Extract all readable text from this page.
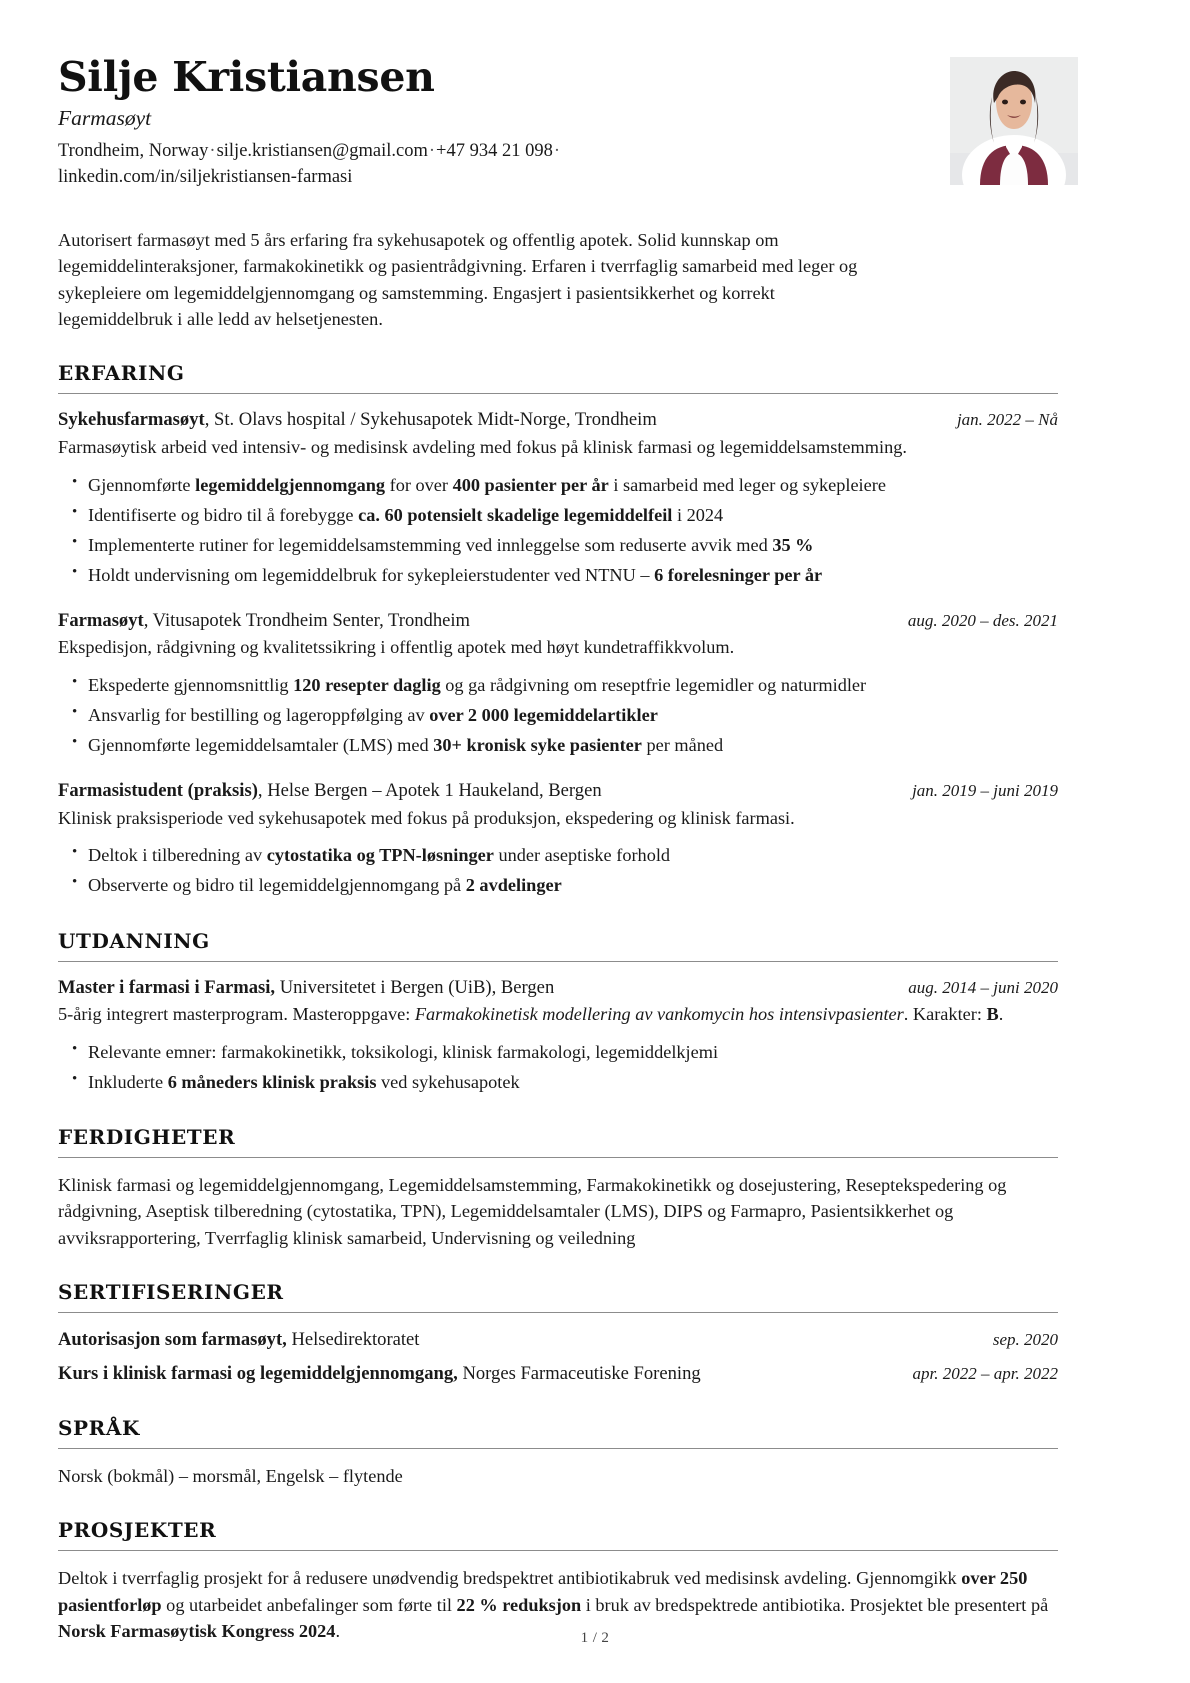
Silje Kristiansen
Farmasøyt
Trondheim, Norway·silje.kristiansen@gmail.com·+47 934 21 098· linkedin.com/in/siljekristiansen-farmasi

Autorisert farmasøyt med 5 års erfaring fra sykehusapotek og offentlig apotek. Solid kunnskap om legemiddelinteraksjoner, farmakokinetikk og pasientrådgivning. Erfaren i tverrfaglig samarbeid med leger og sykepleiere om legemiddelgjennomgang og samstemming. Engasjert i pasientsikkerhet og korrekt legemiddelbruk i alle ledd av helsetjenesten.

ERFARING
Sykehusfarmasøyt, St. Olavs hospital / Sykehusapotek Midt-Norge, Trondheim	jan. 2022 – Nå
Farmasøytisk arbeid ved intensiv- og medisinsk avdeling med fokus på klinisk farmasi og legemiddelsamstemming.
• Gjennomførte legemiddelgjennomgang for over 400 pasienter per år i samarbeid med leger og sykepleiere
• Identifiserte og bidro til å forebygge ca. 60 potensielt skadelige legemiddelfeil i 2024
• Implementerte rutiner for legemiddelsamstemming ved innleggelse som reduserte avvik med 35 %
• Holdt undervisning om legemiddelbruk for sykepleierstudenter ved NTNU – 6 forelesninger per år
Farmasøyt, Vitusapotek Trondheim Senter, Trondheim	aug. 2020 – des. 2021
Ekspedisjon, rådgivning og kvalitetssikring i offentlig apotek med høyt kundetraffikkvolum.
• Ekspederte gjennomsnittlig 120 resepter daglig og ga rådgivning om reseptfrie legemidler og naturmidler
• Ansvarlig for bestilling og lageroppfølging av over 2 000 legemiddelartikler
• Gjennomførte legemiddelsamtaler (LMS) med 30+ kronisk syke pasienter per måned
Farmasistudent (praksis), Helse Bergen – Apotek 1 Haukeland, Bergen	jan. 2019 – juni 2019
Klinisk praksisperiode ved sykehusapotek med fokus på produksjon, ekspedering og klinisk farmasi.
• Deltok i tilberedning av cytostatika og TPN-løsninger under aseptiske forhold
• Observerte og bidro til legemiddelgjennomgang på 2 avdelinger
UTDANNING
Master i farmasi i Farmasi, Universitetet i Bergen (UiB), Bergen	aug. 2014 – juni 2020
5-årig integrert masterprogram. Masteroppgave: Farmakokinetisk modellering av vankomycin hos intensivpasienter. Karakter: B.
• Relevante emner: farmakokinetikk, toksikologi, klinisk farmakologi, legemiddelkjemi
• Inkluderte 6 måneders klinisk praksis ved sykehusapotek
FERDIGHETER
Klinisk farmasi og legemiddelgjennomgang, Legemiddelsamstemming, Farmakokinetikk og dosejustering, Reseptekspedering og rådgivning, Aseptisk tilberedning (cytostatika, TPN), Legemiddelsamtaler (LMS), DIPS og Farmapro, Pasientsikkerhet og avviksrapportering, Tverrfaglig klinisk samarbeid, Undervisning og veiledning
SERTIFISERINGER
Autorisasjon som farmasøyt, Helsedirektoratet	sep. 2020
Kurs i klinisk farmasi og legemiddelgjennomgang, Norges Farmaceutiske Forening	apr. 2022 – apr. 2022
SPRÅK
Norsk (bokmål) – morsmål, Engelsk – flytende
PROSJEKTER
Deltok i tverrfaglig prosjekt for å redusere unødvendig bredspektret antibiotikabruk ved medisinsk avdeling. Gjennomgikk over 250 pasientforløp og utarbeidet anbefalinger som førte til 22 % reduksjon i bruk av bredspektrede antibiotika. Prosjektet ble presentert på Norsk Farmasøytisk Kongress 2024.	1 / 2
